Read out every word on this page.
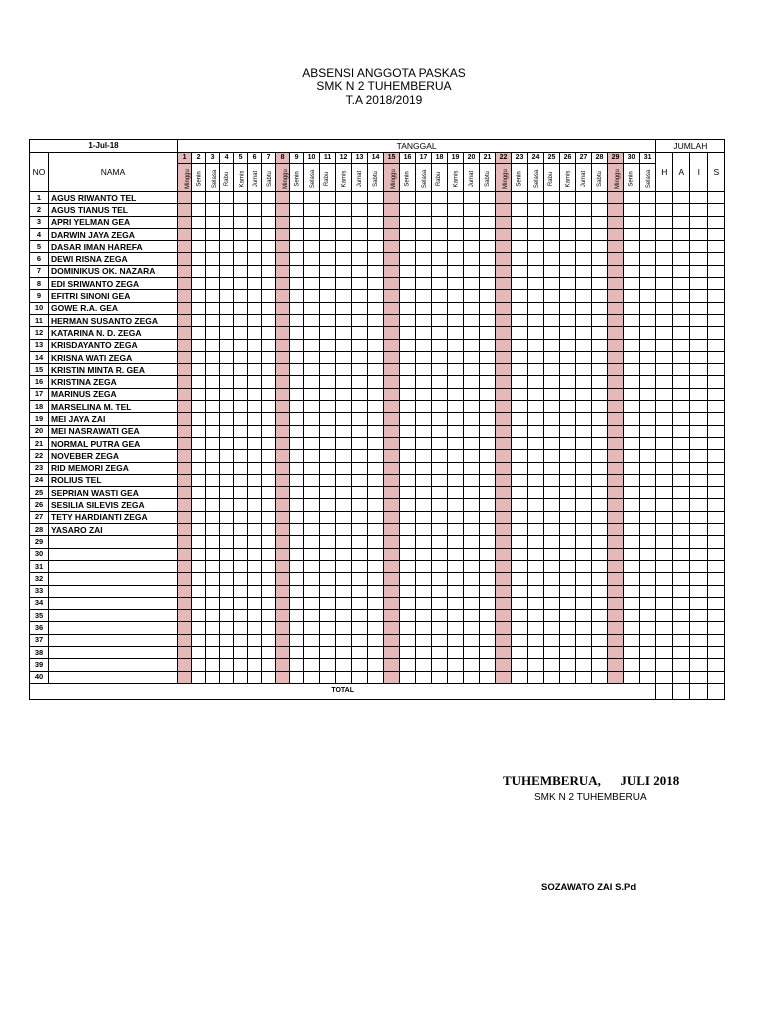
ABSENSI ANGGOTA PASKAS
SMK N 2 TUHEMBERUA
T.A 2018/2019
1-Jul-18		TANGGAL																															JUMLAH			
NO	NAMA	1	2	3	4	5	6	7	8	9	10	11	12	13	14	15	16	17	18	19	20	21	22	23	24	25	26	27	28	29	30	31	H	A	I	S
		Minggu	Senin	Selasa	Rabu	Kamis	Jumat	Sabtu	Minggu	Senin	Selasa	Rabu	Kamis	Jumat	Sabtu	Minggu	Senin	Selasa	Rabu	Kamis	Jumat	Sabtu	Minggu	Senin	Selasa	Rabu	Kamis	Jumat	Sabtu	Minggu	Senin	Selasa				
1	AGUS RIWANTO TEL																																			
2	AGUS TIANUS TEL																																			
3	APRI YELMAN GEA																																			
4	DARWIN JAYA ZEGA																																			
5	DASAR IMAN HAREFA																																			
6	DEWI RISNA ZEGA																																			
7	DOMINIKUS OK. NAZARA																																			
8	EDI SRIWANTO ZEGA																																			
9	EFITRI SINONI GEA																																			
10	GOWE R.A. GEA																																			
11	HERMAN SUSANTO ZEGA																																			
12	KATARINA N. D. ZEGA																																			
13	KRISDAYANTO ZEGA																																			
14	KRISNA WATI ZEGA																																			
15	KRISTIN MINTA R. GEA																																			
16	KRISTINA ZEGA																																			
17	MARINUS ZEGA																																			
18	MARSELINA M. TEL																																			
19	MEI JAYA ZAI																																			
20	MEI NASRAWATI GEA																																			
21	NORMAL PUTRA GEA																																			
22	NOVEBER ZEGA																																			
23	RID MEMORI ZEGA																																			
24	ROLIUS TEL																																			
25	SEPRIAN WASTI GEA																																			
26	SESILIA SILEVIS ZEGA																																			
27	TETY HARDIANTI ZEGA																																			
28	YASARO ZAI																																			
29																																				
30																																				
31																																				
32																																				
33																																				
34																																				
35																																				
36																																				
37																																				
38																																				
39																																				
40																																				
TOTAL																																				
TUHEMBERUA,      JULI 2018
SMK N 2 TUHEMBERUA
SOZAWATO ZAI S.Pd
